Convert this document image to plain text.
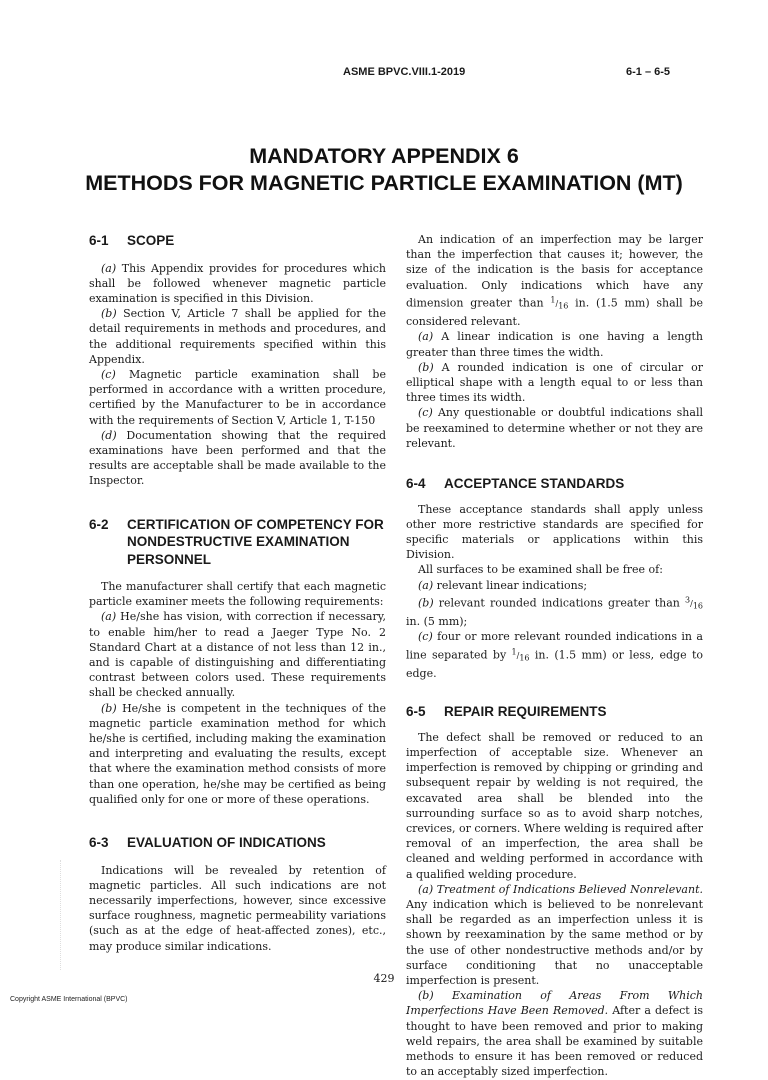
ASME BPVC.VIII.1-2019	6-1 – 6-5
MANDATORY APPENDIX 6
METHODS FOR MAGNETIC PARTICLE EXAMINATION (MT)
6-1	SCOPE

(a) This Appendix provides for procedures which shall be followed whenever magnetic particle examination is specified in this Division.

(b) Section V, Article 7 shall be applied for the detail requirements in methods and procedures, and the additional requirements specified within this Appendix.

(c) Magnetic particle examination shall be performed in accordance with a written procedure, certified by the Manufacturer to be in accordance with the requirements of Section V, Article 1, T-150

(d) Documentation showing that the required examinations have been performed and that the results are acceptable shall be made available to the Inspector.

6-2	CERTIFICATION OF COMPETENCY FOR NONDESTRUCTIVE EXAMINATION PERSONNEL

The manufacturer shall certify that each magnetic particle examiner meets the following requirements:

(a) He/she has vision, with correction if necessary, to enable him/her to read a Jaeger Type No. 2 Standard Chart at a distance of not less than 12 in., and is capable of distinguishing and differentiating contrast between colors used. These requirements shall be checked annually.

(b) He/she is competent in the techniques of the magnetic particle examination method for which he/she is certified, including making the examination and interpreting and evaluating the results, except that where the examination method consists of more than one operation, he/she may be certified as being qualified only for one or more of these operations.

6-3	EVALUATION OF INDICATIONS

Indications will be revealed by retention of magnetic particles. All such indications are not necessarily imperfections, however, since excessive surface roughness, magnetic permeability variations (such as at the edge of heat-affected zones), etc., may produce similar indications.

An indication of an imperfection may be larger than the imperfection that causes it; however, the size of the indication is the basis for acceptance evaluation. Only indications which have any dimension greater than $^1/_{16}$ in. (1.5 mm) shall be considered relevant.

(a) A linear indication is one having a length greater than three times the width.

(b) A rounded indication is one of circular or elliptical shape with a length equal to or less than three times its width.

(c) Any questionable or doubtful indications shall be reexamined to determine whether or not they are relevant.

6-4	ACCEPTANCE STANDARDS

These acceptance standards shall apply unless other more restrictive standards are specified for specific materials or applications within this Division.

All surfaces to be examined shall be free of:

(a) relevant linear indications;

(b) relevant rounded indications greater than $^3/_{16}$ in. (5 mm);

(c) four or more relevant rounded indications in a line separated by $^1/_{16}$ in. (1.5 mm) or less, edge to edge.

6-5	REPAIR REQUIREMENTS

The defect shall be removed or reduced to an imperfection of acceptable size. Whenever an imperfection is removed by chipping or grinding and subsequent repair by welding is not required, the excavated area shall be blended into the surrounding surface so as to avoid sharp notches, crevices, or corners. Where welding is required after removal of an imperfection, the area shall be cleaned and welding performed in accordance with a qualified welding procedure.

(a) Treatment of Indications Believed Nonrelevant. Any indication which is believed to be nonrelevant shall be regarded as an imperfection unless it is shown by reexamination by the same method or by the use of other nondestructive methods and/or by surface conditioning that no unacceptable imperfection is present.

(b) Examination of Areas From Which Imperfections Have Been Removed. After a defect is thought to have been removed and prior to making weld repairs, the area shall be examined by suitable methods to ensure it has been removed or reduced to an acceptably sized imperfection.

429
Copyright ASME International (BPVC)
